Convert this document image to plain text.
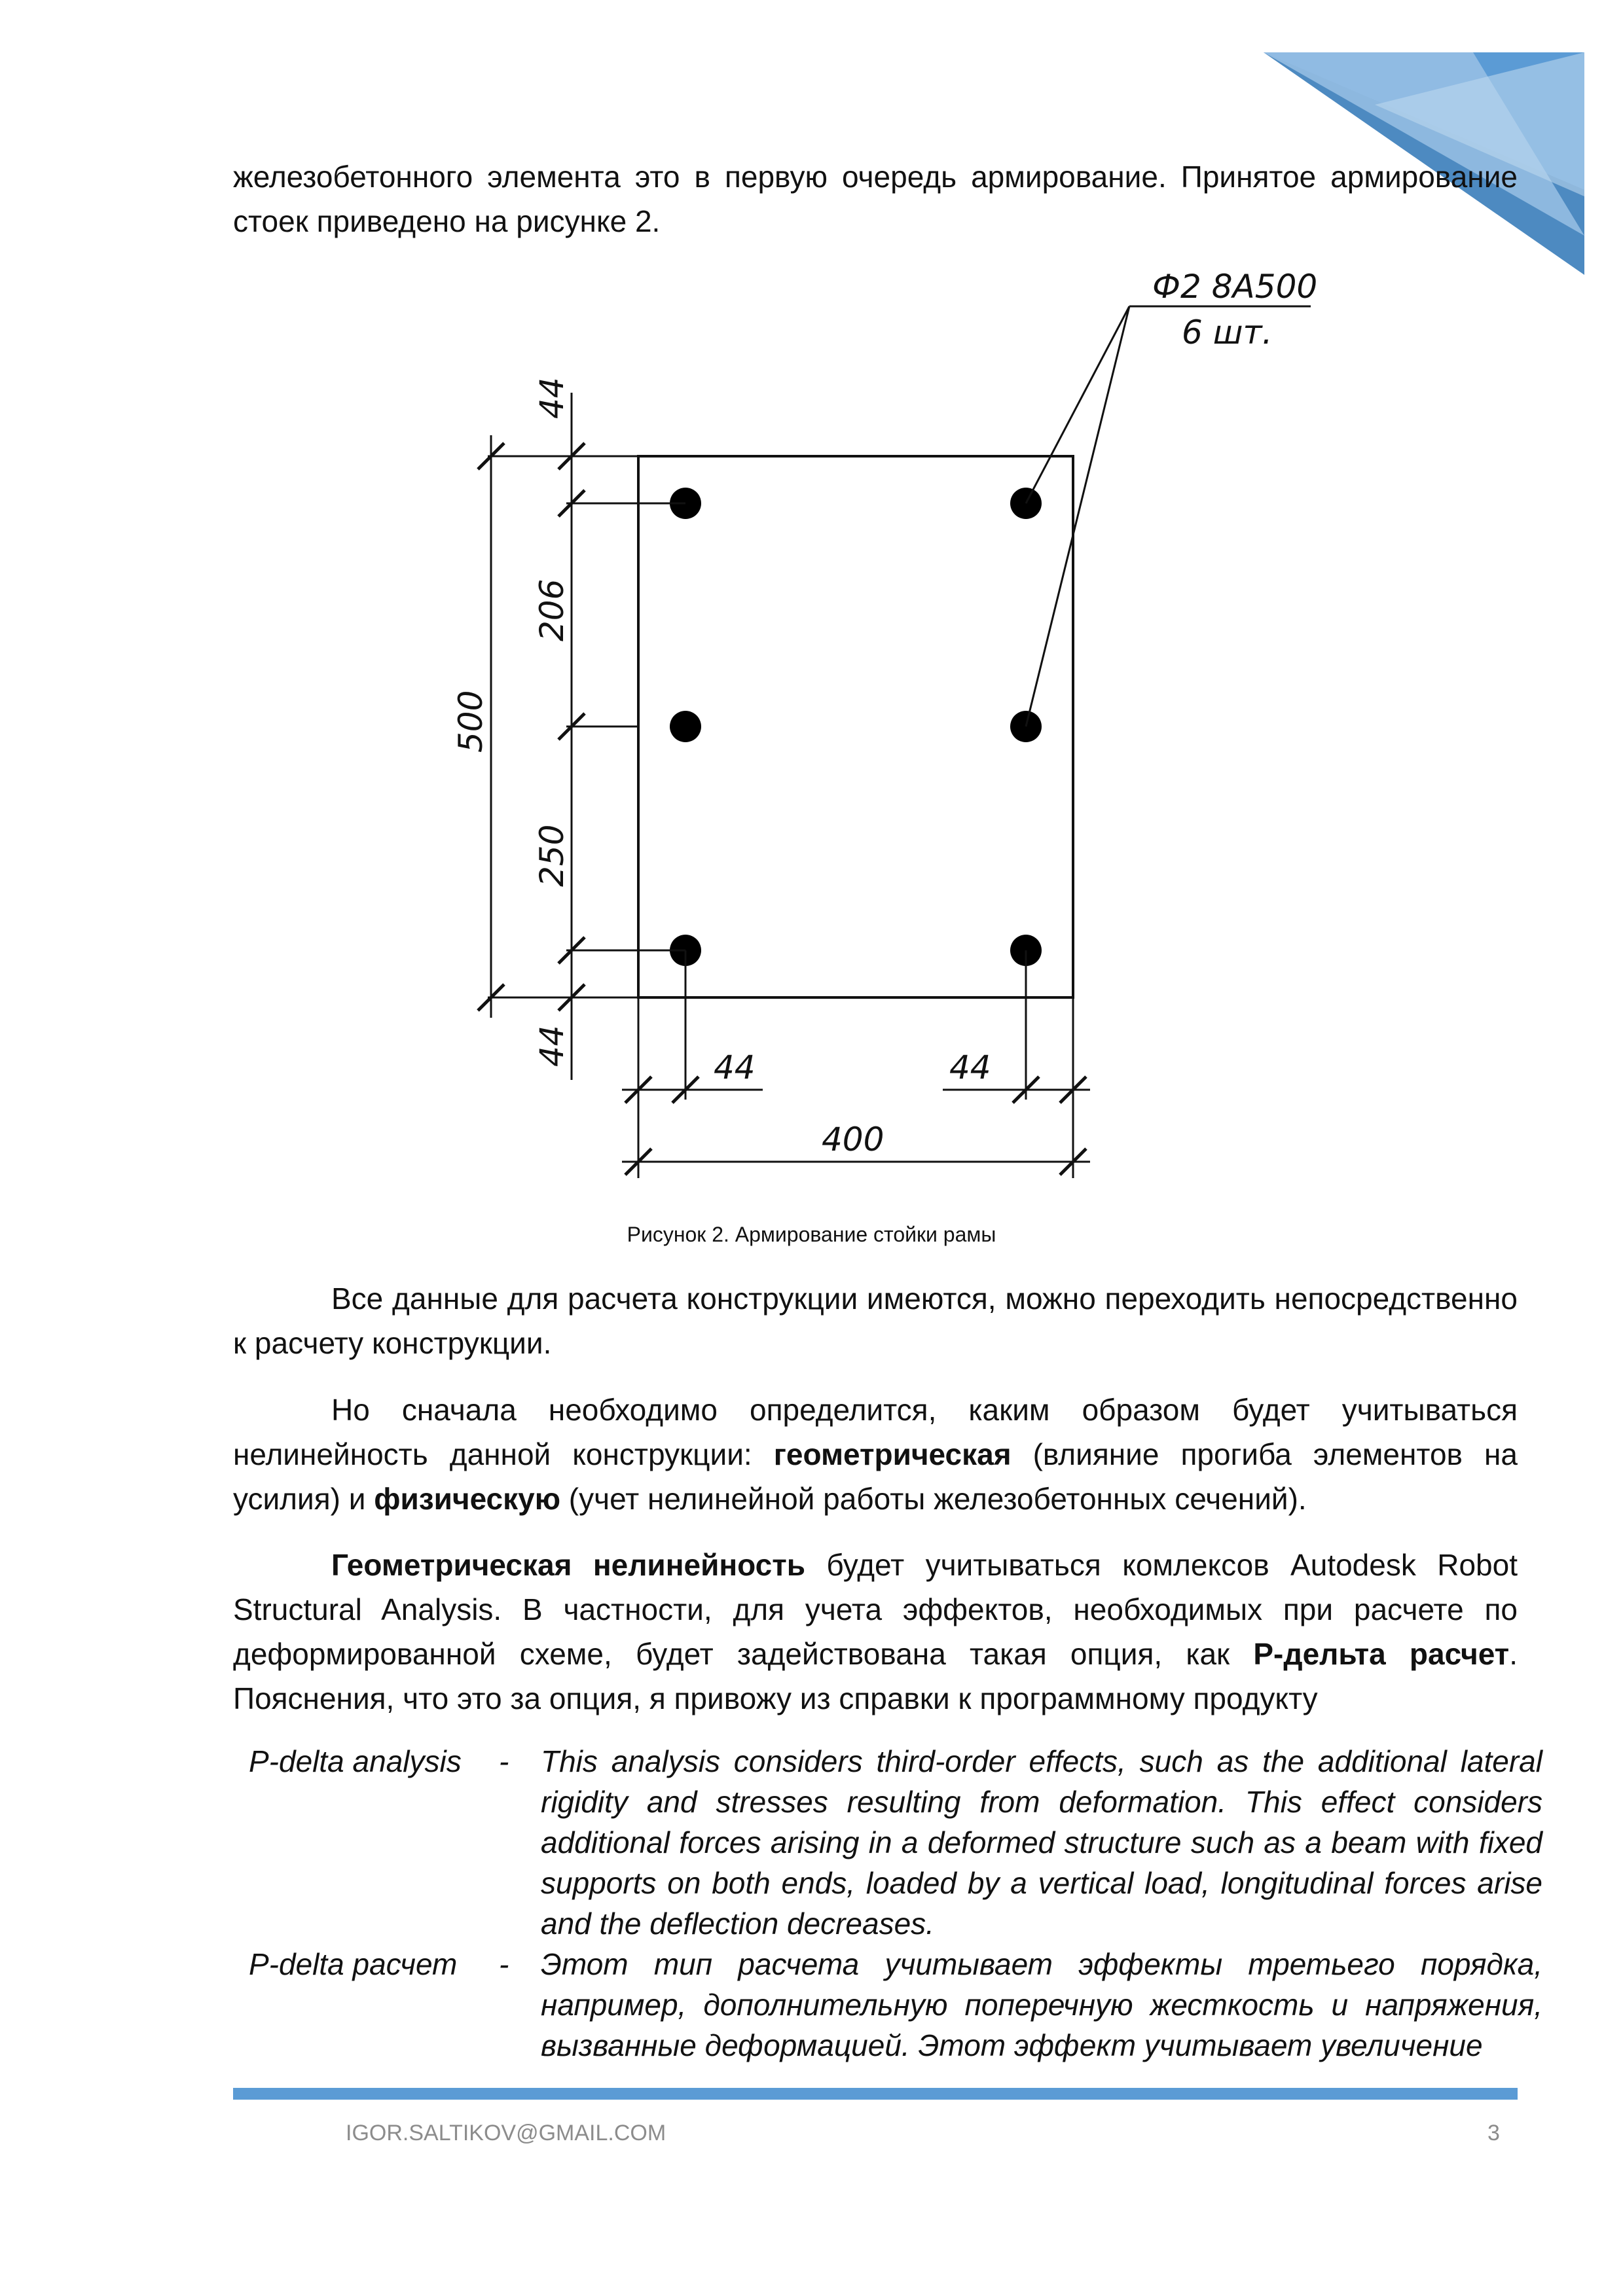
железобетонного элемента это в первую очередь армирование. Принятое армирование стоек приведено на рисунке 2.

Ф2 8А500
6 шт.
44
206
500
250
44
44	44
400
Рисунок 2. Армирование стойки рамы

Все данные для расчета конструкции имеются, можно переходить непосредственно к расчету конструкции.

Но сначала необходимо определится, каким образом будет учитываться нелинейность данной конструкции: геометрическая (влияние прогиба элементов на усилия) и физическую (учет нелинейной работы железобетонных сечений).

Геометрическая нелинейность будет учитываться комлексов Autodesk Robot Structural Analysis. В частности, для учета эффектов, необходимых при расчете по деформированной схеме, будет задействована такая опция, как Р-дельта расчет. Пояснения, что это за опция, я привожу из справки к программному продукту

P-delta analysis - This analysis considers third-order effects, such as the additional lateral rigidity and stresses resulting from deformation. This effect considers additional forces arising in a deformed structure such as a beam with fixed supports on both ends, loaded by a vertical load, longitudinal forces arise and the deflection decreases.

P-delta расчет - Этот тип расчета учитывает эффекты третьего порядка, например, дополнительную поперечную жесткость и напряжения, вызванные деформацией. Этот эффект учитывает увеличение

IGOR.SALTIKOV@GMAIL.COM	3
